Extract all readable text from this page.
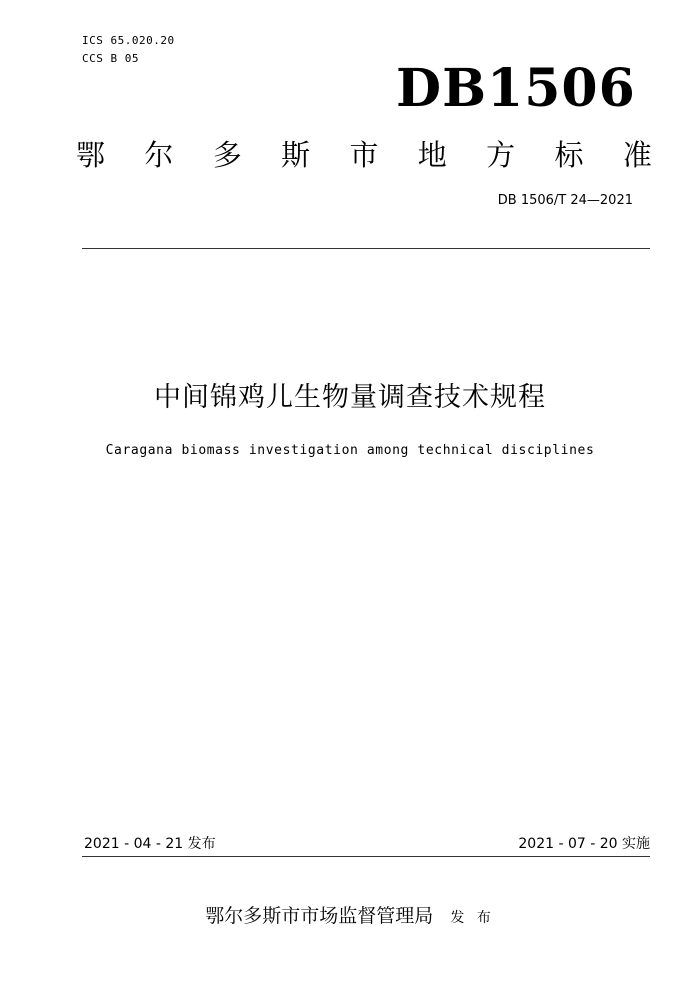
ICS 65.020.20
CCS B 05	DB1506
鄂 尔 多 斯 市 地 方 标 准
DB 1506/T 24—2021
中间锦鸡儿生物量调查技术规程
Caragana biomass investigation among technical disciplines
2021 - 04 - 21 发布	2021 - 07 - 20 实施
鄂尔多斯市市场监督管理局 发 布
